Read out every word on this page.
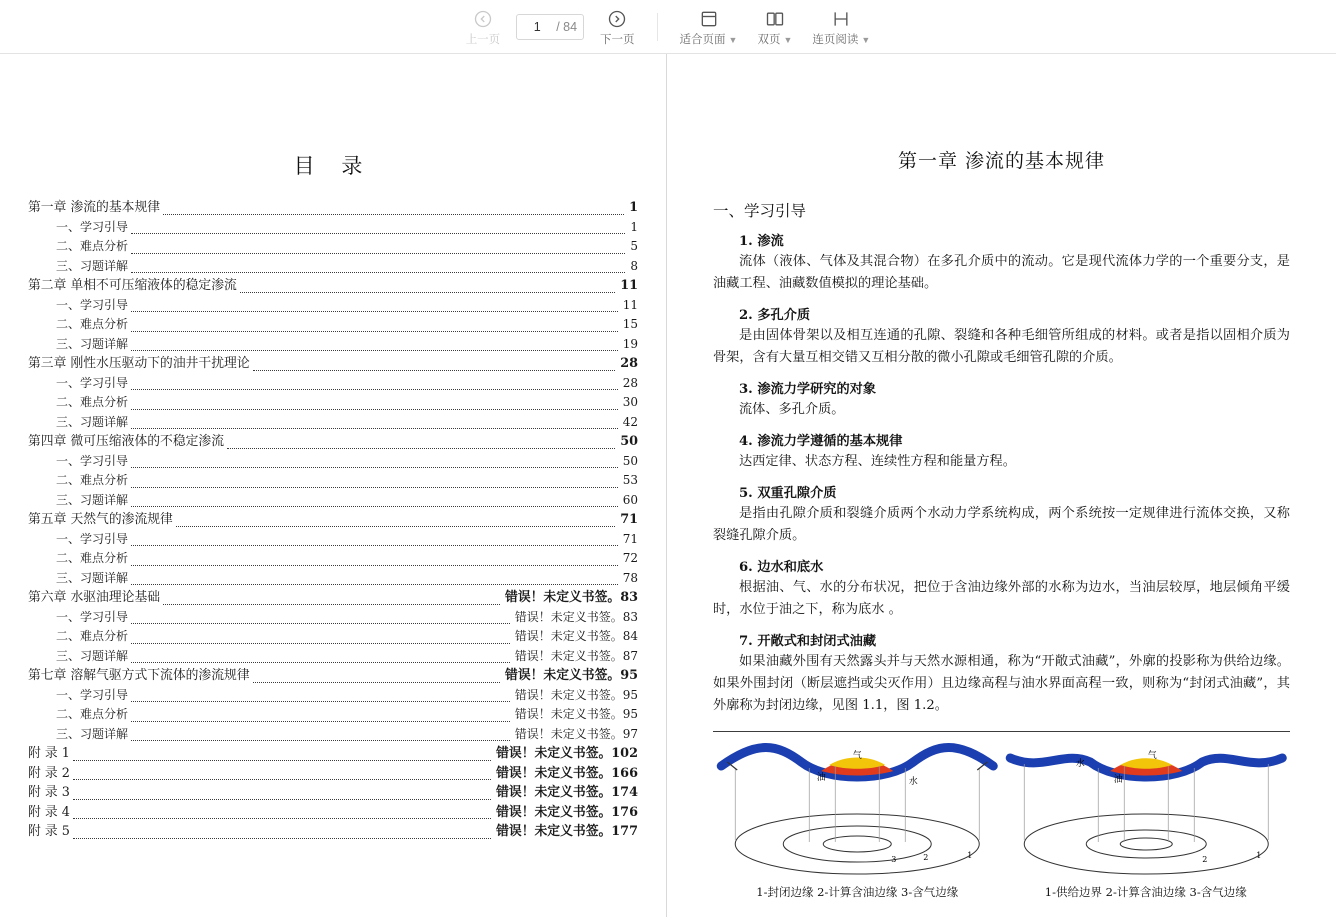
上一页
1
/ 84
下一页	适合页面 ▼ 双页 ▼ 连页阅读 ▼
目 录
第一章 渗流的基本规律	1
一、学习引导	1
二、难点分析	5
三、习题详解	8
第二章 单相不可压缩液体的稳定渗流	11
一、学习引导	11
二、难点分析	15
三、习题详解	19
第三章 刚性水压驱动下的油井干扰理论	28
一、学习引导	28
二、难点分析	30
三、习题详解	42
第四章 微可压缩液体的不稳定渗流	50
一、学习引导	50
二、难点分析	53
三、习题详解	60
第五章 天然气的渗流规律	71
一、学习引导	71
二、难点分析	72
三、习题详解	78
第六章 水驱油理论基础	错误！未定义书签。83
一、学习引导	错误！未定义书签。83
二、难点分析	错误！未定义书签。84
三、习题详解	错误！未定义书签。87
第七章 溶解气驱方式下流体的渗流规律	错误！未定义书签。95
一、学习引导	错误！未定义书签。95
二、难点分析	错误！未定义书签。95
三、习题详解	错误！未定义书签。97
附 录 1	错误！未定义书签。102
附 录 2	错误！未定义书签。166
附 录 3	错误！未定义书签。174
附 录 4	错误！未定义书签。176
附 录 5	错误！未定义书签。177
第一章 渗流的基本规律
一、学习引导
1. 渗流

流体（液体、气体及其混合物）在多孔介质中的流动。它是现代流体力学的一个重要分支，是油藏工程、油藏数值模拟的理论基础。

2. 多孔介质

是由固体骨架以及相互连通的孔隙、裂缝和各种毛细管所组成的材料。或者是指以固相介质为骨架，含有大量互相交错又互相分散的微小孔隙或毛细管孔隙的介质。

3. 渗流力学研究的对象

流体、多孔介质。

4. 渗流力学遵循的基本规律

达西定律、状态方程、连续性方程和能量方程。

5. 双重孔隙介质

是指由孔隙介质和裂缝介质两个水动力学系统构成，两个系统按一定规律进行流体交换，又称裂缝孔隙介质。

6. 边水和底水

根据油、气、水的分布状况，把位于含油边缘外部的水称为边水，当油层较厚，地层倾角平缓时，水位于油之下，称为底水 。

7. 开敞式和封闭式油藏

如果油藏外围有天然露头并与天然水源相通，称为“开敞式油藏”，外廓的投影称为供给边缘。如果外围封闭（断层遮挡或尖灭作用）且边缘高程与油水界面高程一致，则称为“封闭式油藏”，其外廓称为封闭边缘，见图 1.1，图 1.2。

气
油	水
3	2	1
气
油
水
2	1
1-封闭边缘 2-计算含油边缘 3-含气边缘	1-供给边界 2-计算含油边缘 3-含气边缘
